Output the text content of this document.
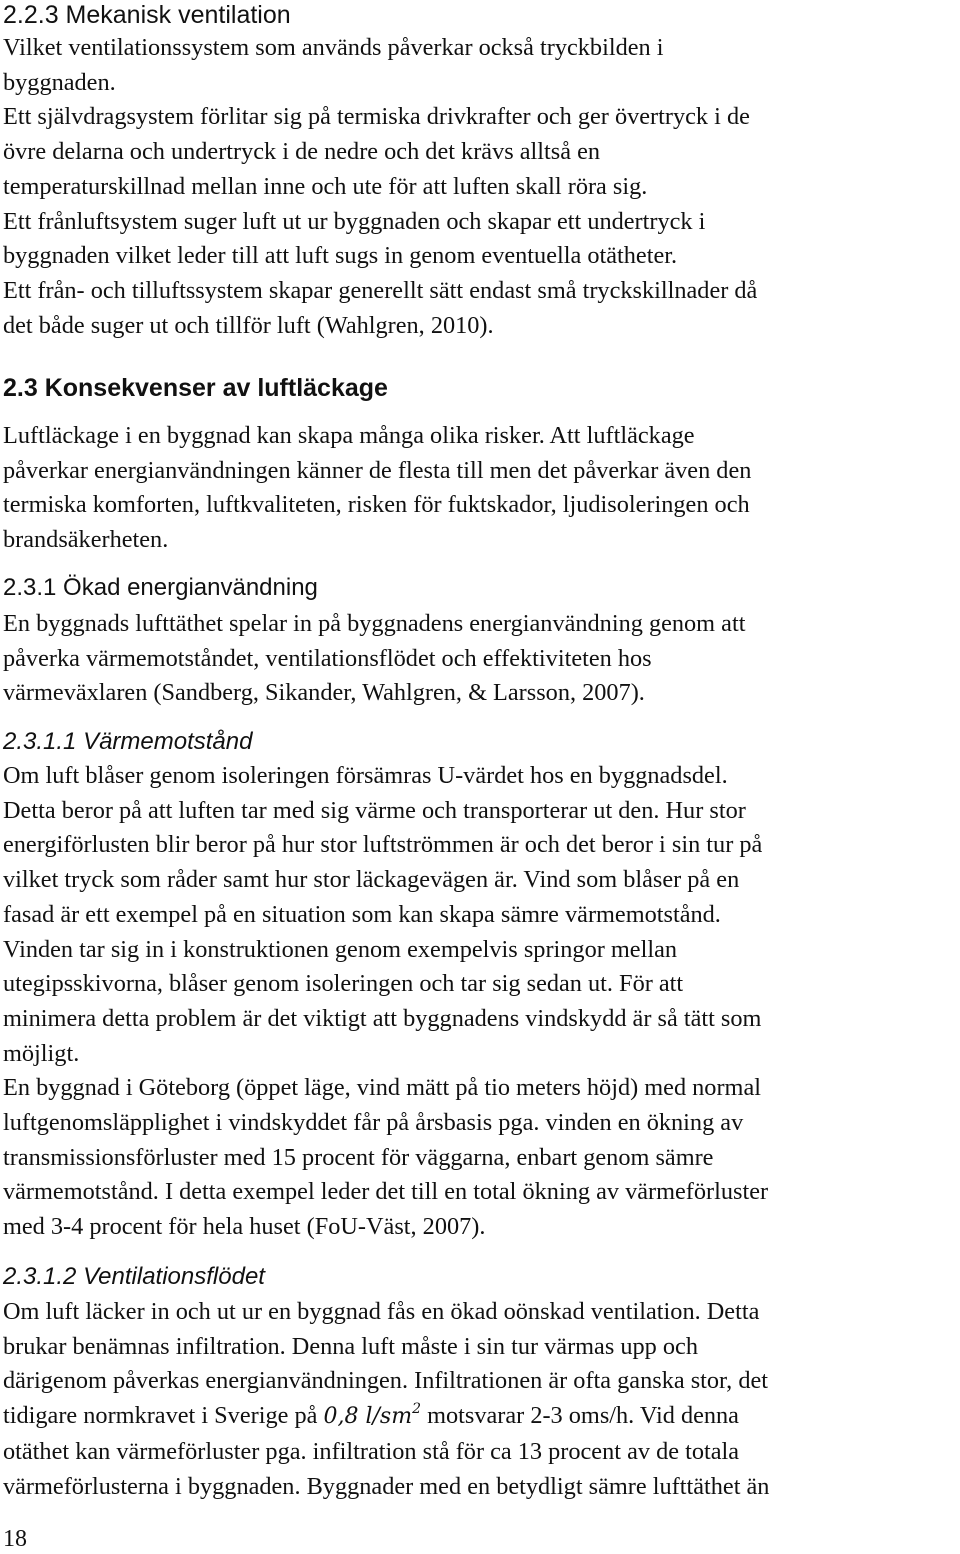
2.2.3 Mekanisk ventilation
Vilket ventilationssystem som används påverkar också tryckbilden i
byggnaden.
Ett självdragsystem förlitar sig på termiska drivkrafter och ger övertryck i de
övre delarna och undertryck i de nedre och det krävs alltså en
temperaturskillnad mellan inne och ute för att luften skall röra sig.
Ett frånluftsystem suger luft ut ur byggnaden och skapar ett undertryck i
byggnaden vilket leder till att luft sugs in genom eventuella otätheter.
Ett från- och tilluftssystem skapar generellt sätt endast små tryckskillnader då
det både suger ut och tillför luft (Wahlgren, 2010).
2.3 Konsekvenser av luftläckage
Luftläckage i en byggnad kan skapa många olika risker. Att luftläckage
påverkar energianvändningen känner de flesta till men det påverkar även den
termiska komforten, luftkvaliteten, risken för fuktskador, ljudisoleringen och
brandsäkerheten.
2.3.1 Ökad energianvändning
En byggnads lufttäthet spelar in på byggnadens energianvändning genom att
påverka värmemotståndet, ventilationsflödet och effektiviteten hos
värmeväxlaren (Sandberg, Sikander, Wahlgren, & Larsson, 2007).
2.3.1.1 Värmemotstånd
Om luft blåser genom isoleringen försämras U-värdet hos en byggnadsdel.
Detta beror på att luften tar med sig värme och transporterar ut den. Hur stor
energiförlusten blir beror på hur stor luftströmmen är och det beror i sin tur på
vilket tryck som råder samt hur stor läckagevägen är. Vind som blåser på en
fasad är ett exempel på en situation som kan skapa sämre värmemotstånd.
Vinden tar sig in i konstruktionen genom exempelvis springor mellan
utegipsskivorna, blåser genom isoleringen och tar sig sedan ut. För att
minimera detta problem är det viktigt att byggnadens vindskydd är så tätt som
möjligt.
En byggnad i Göteborg (öppet läge, vind mätt på tio meters höjd) med normal
luftgenomsläpplighet i vindskyddet får på årsbasis pga. vinden en ökning av
transmissionsförluster med 15 procent för väggarna, enbart genom sämre
värmemotstånd. I detta exempel leder det till en total ökning av värmeförluster
med 3-4 procent för hela huset (FoU-Väst, 2007).
2.3.1.2 Ventilationsflödet
Om luft läcker in och ut ur en byggnad fås en ökad oönskad ventilation. Detta
brukar benämnas infiltration. Denna luft måste i sin tur värmas upp och
därigenom påverkas energianvändningen. Infiltrationen är ofta ganska stor, det
tidigare normkravet i Sverige på 0,8 $l/sm^2$ motsvarar 2-3 oms/h. Vid denna
otäthet kan värmeförluster pga. infiltration stå för ca 13 procent av de totala
värmeförlusterna i byggnaden. Byggnader med en betydligt sämre lufttäthet än
18
